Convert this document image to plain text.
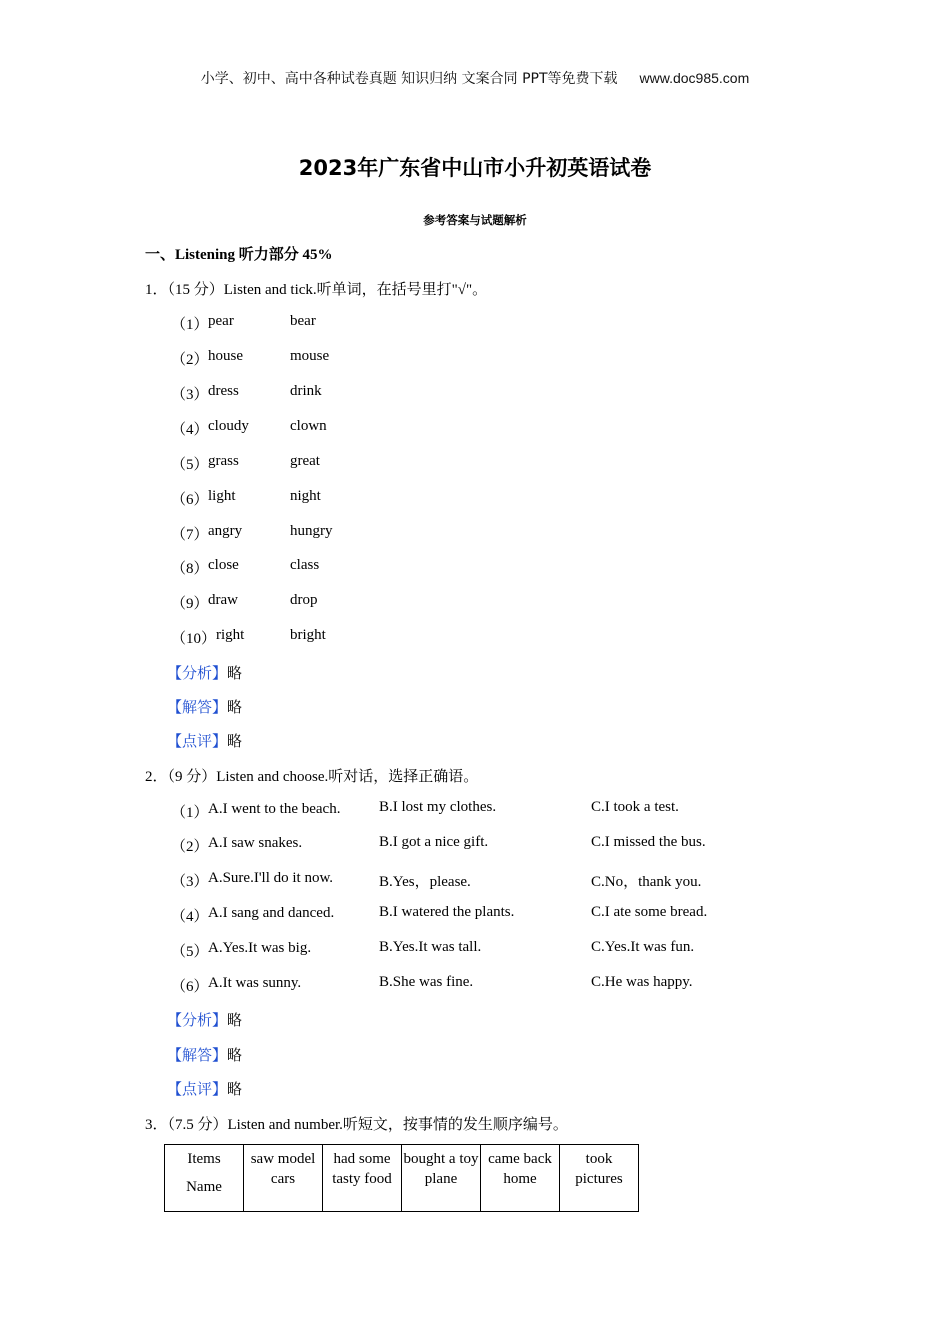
小学、初中、高中各种试卷真题 知识归纳 文案合同 PPT等免费下载 www.doc985.com
2023年广东省中山市小升初英语试卷
参考答案与试题解析
一、Listening 听力部分 45%
1．（15 分）Listen and tick.听单词，在括号里打"√"。
（1） pear	bear
（2） house	mouse
（3） dress	drink
（4） cloudy	clown
（5） grass	great
（6） light	night
（7） angry	hungry
（8） close	class
（9） draw	drop
（10） right	bright
【分析】略
【解答】略
【点评】略
2．（9 分）Listen and choose.听对话，选择正确语。
（1） A.I went to the beach.	B.I lost my clothes.	C.I took a test.
（2） A.I saw snakes.	B.I got a nice gift.	C.I missed the bus.
（3） A.Sure.I'll do it now.	B.Yes，please.	C.No，thank you.
（4） A.I sang and danced.	B.I watered the plants.	C.I ate some bread.
（5） A.Yes.It was big.	B.Yes.It was tall.	C.Yes.It was fun.
（6） A.It was sunny.	B.She was fine.	C.He was happy.
【分析】略
【解答】略
【点评】略
3．（7.5 分）Listen and number.听短文，按事情的发生顺序编号。
Items
Name
	saw model cars	had some tasty food	bought a toy plane	came back home	took pictures
